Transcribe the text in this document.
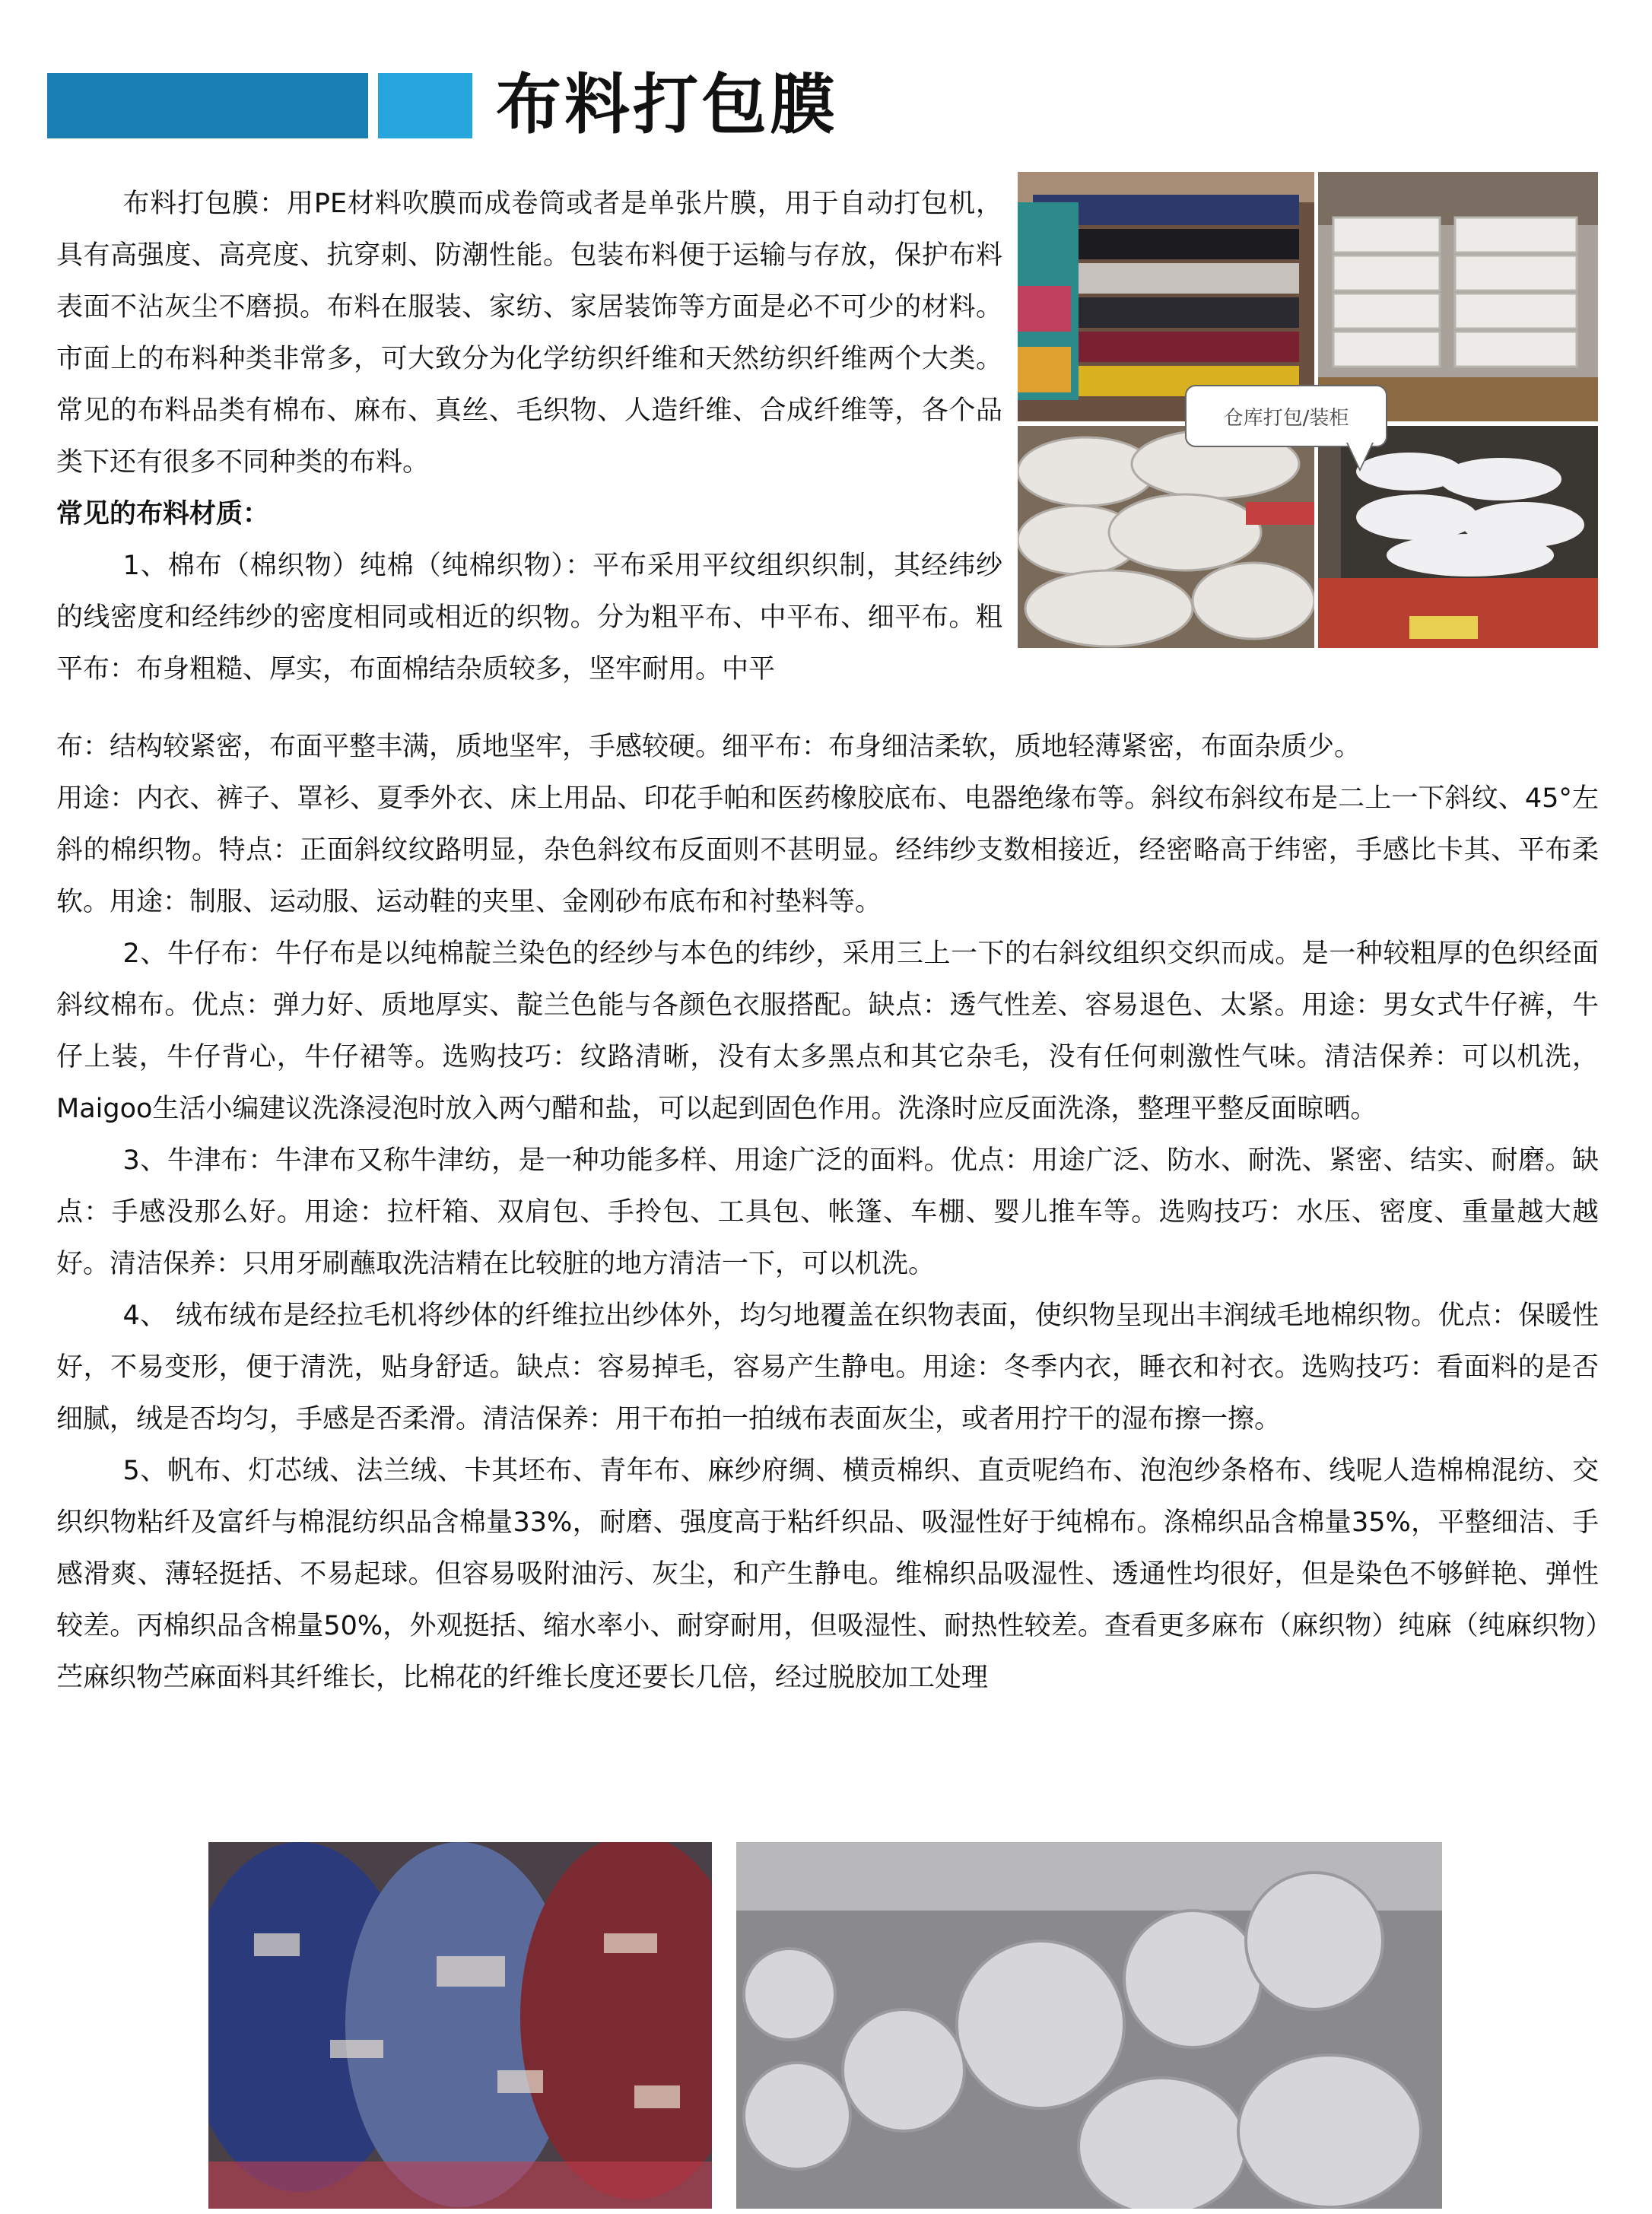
布料打包膜
仓库打包/装柜

布料打包膜：用PE材料吹膜而成卷筒或者是单张片膜，用于自动打包机，具有高强度、高亮度、抗穿刺、防潮性能。包装布料便于运输与存放，保护布料表面不沾灰尘不磨损。布料在服装、家纺、家居装饰等方面是必不可少的材料。市面上的布料种类非常多，可大致分为化学纺织纤维和天然纺织纤维两个大类。常见的布料品类有棉布、麻布、真丝、毛织物、人造纤维、合成纤维等，各个品类下还有很多不同种类的布料。

常见的布料材质：

1、棉布（棉织物）纯棉（纯棉织物）：平布采用平纹组织织制，其经纬纱的线密度和经纬纱的密度相同或相近的织物。分为粗平布、中平布、细平布。粗平布：布身粗糙、厚实，布面棉结杂质较多，坚牢耐用。中平

布：结构较紧密，布面平整丰满，质地坚牢，手感较硬。细平布：布身细洁柔软，质地轻薄紧密，布面杂质少。

用途：内衣、裤子、罩衫、夏季外衣、床上用品、印花手帕和医药橡胶底布、电器绝缘布等。斜纹布斜纹布是二上一下斜纹、45°左斜的棉织物。特点：正面斜纹纹路明显，杂色斜纹布反面则不甚明显。经纬纱支数相接近，经密略高于纬密，手感比卡其、平布柔软。用途：制服、运动服、运动鞋的夹里、金刚砂布底布和衬垫料等。

2、牛仔布：牛仔布是以纯棉靛兰染色的经纱与本色的纬纱，采用三上一下的右斜纹组织交织而成。是一种较粗厚的色织经面斜纹棉布。优点：弹力好、质地厚实、靛兰色能与各颜色衣服搭配。缺点：透气性差、容易退色、太紧。用途：男女式牛仔裤，牛仔上装，牛仔背心，牛仔裙等。选购技巧：纹路清晰，没有太多黑点和其它杂毛，没有任何刺激性气味。清洁保养：可以机洗，Maigoo生活小编建议洗涤浸泡时放入两勺醋和盐，可以起到固色作用。洗涤时应反面洗涤，整理平整反面晾晒。

3、牛津布：牛津布又称牛津纺，是一种功能多样、用途广泛的面料。优点：用途广泛、防水、耐洗、紧密、结实、耐磨。缺点：手感没那么好。用途：拉杆箱、双肩包、手拎包、工具包、帐篷、车棚、婴儿推车等。选购技巧：水压、密度、重量越大越好。清洁保养：只用牙刷蘸取洗洁精在比较脏的地方清洁一下，可以机洗。

4、 绒布绒布是经拉毛机将纱体的纤维拉出纱体外，均匀地覆盖在织物表面，使织物呈现出丰润绒毛地棉织物。优点：保暖性好，不易变形，便于清洗，贴身舒适。缺点：容易掉毛，容易产生静电。用途：冬季内衣，睡衣和衬衣。选购技巧：看面料的是否细腻，绒是否均匀，手感是否柔滑。清洁保养：用干布拍一拍绒布表面灰尘，或者用拧干的湿布擦一擦。

5、帆布、灯芯绒、法兰绒、卡其坯布、青年布、麻纱府绸、横贡棉织、直贡呢绉布、泡泡纱条格布、线呢人造棉棉混纺、交织织物粘纤及富纤与棉混纺织品含棉量33%，耐磨、强度高于粘纤织品、吸湿性好于纯棉布。涤棉织品含棉量35%，平整细洁、手感滑爽、薄轻挺括、不易起球。但容易吸附油污、灰尘，和产生静电。维棉织品吸湿性、透通性均很好，但是染色不够鲜艳、弹性较差。丙棉织品含棉量50%，外观挺括、缩水率小、耐穿耐用，但吸湿性、耐热性较差。查看更多麻布（麻织物）纯麻（纯麻织物）苎麻织物苎麻面料其纤维长，比棉花的纤维长度还要长几倍，经过脱胶加工处理
